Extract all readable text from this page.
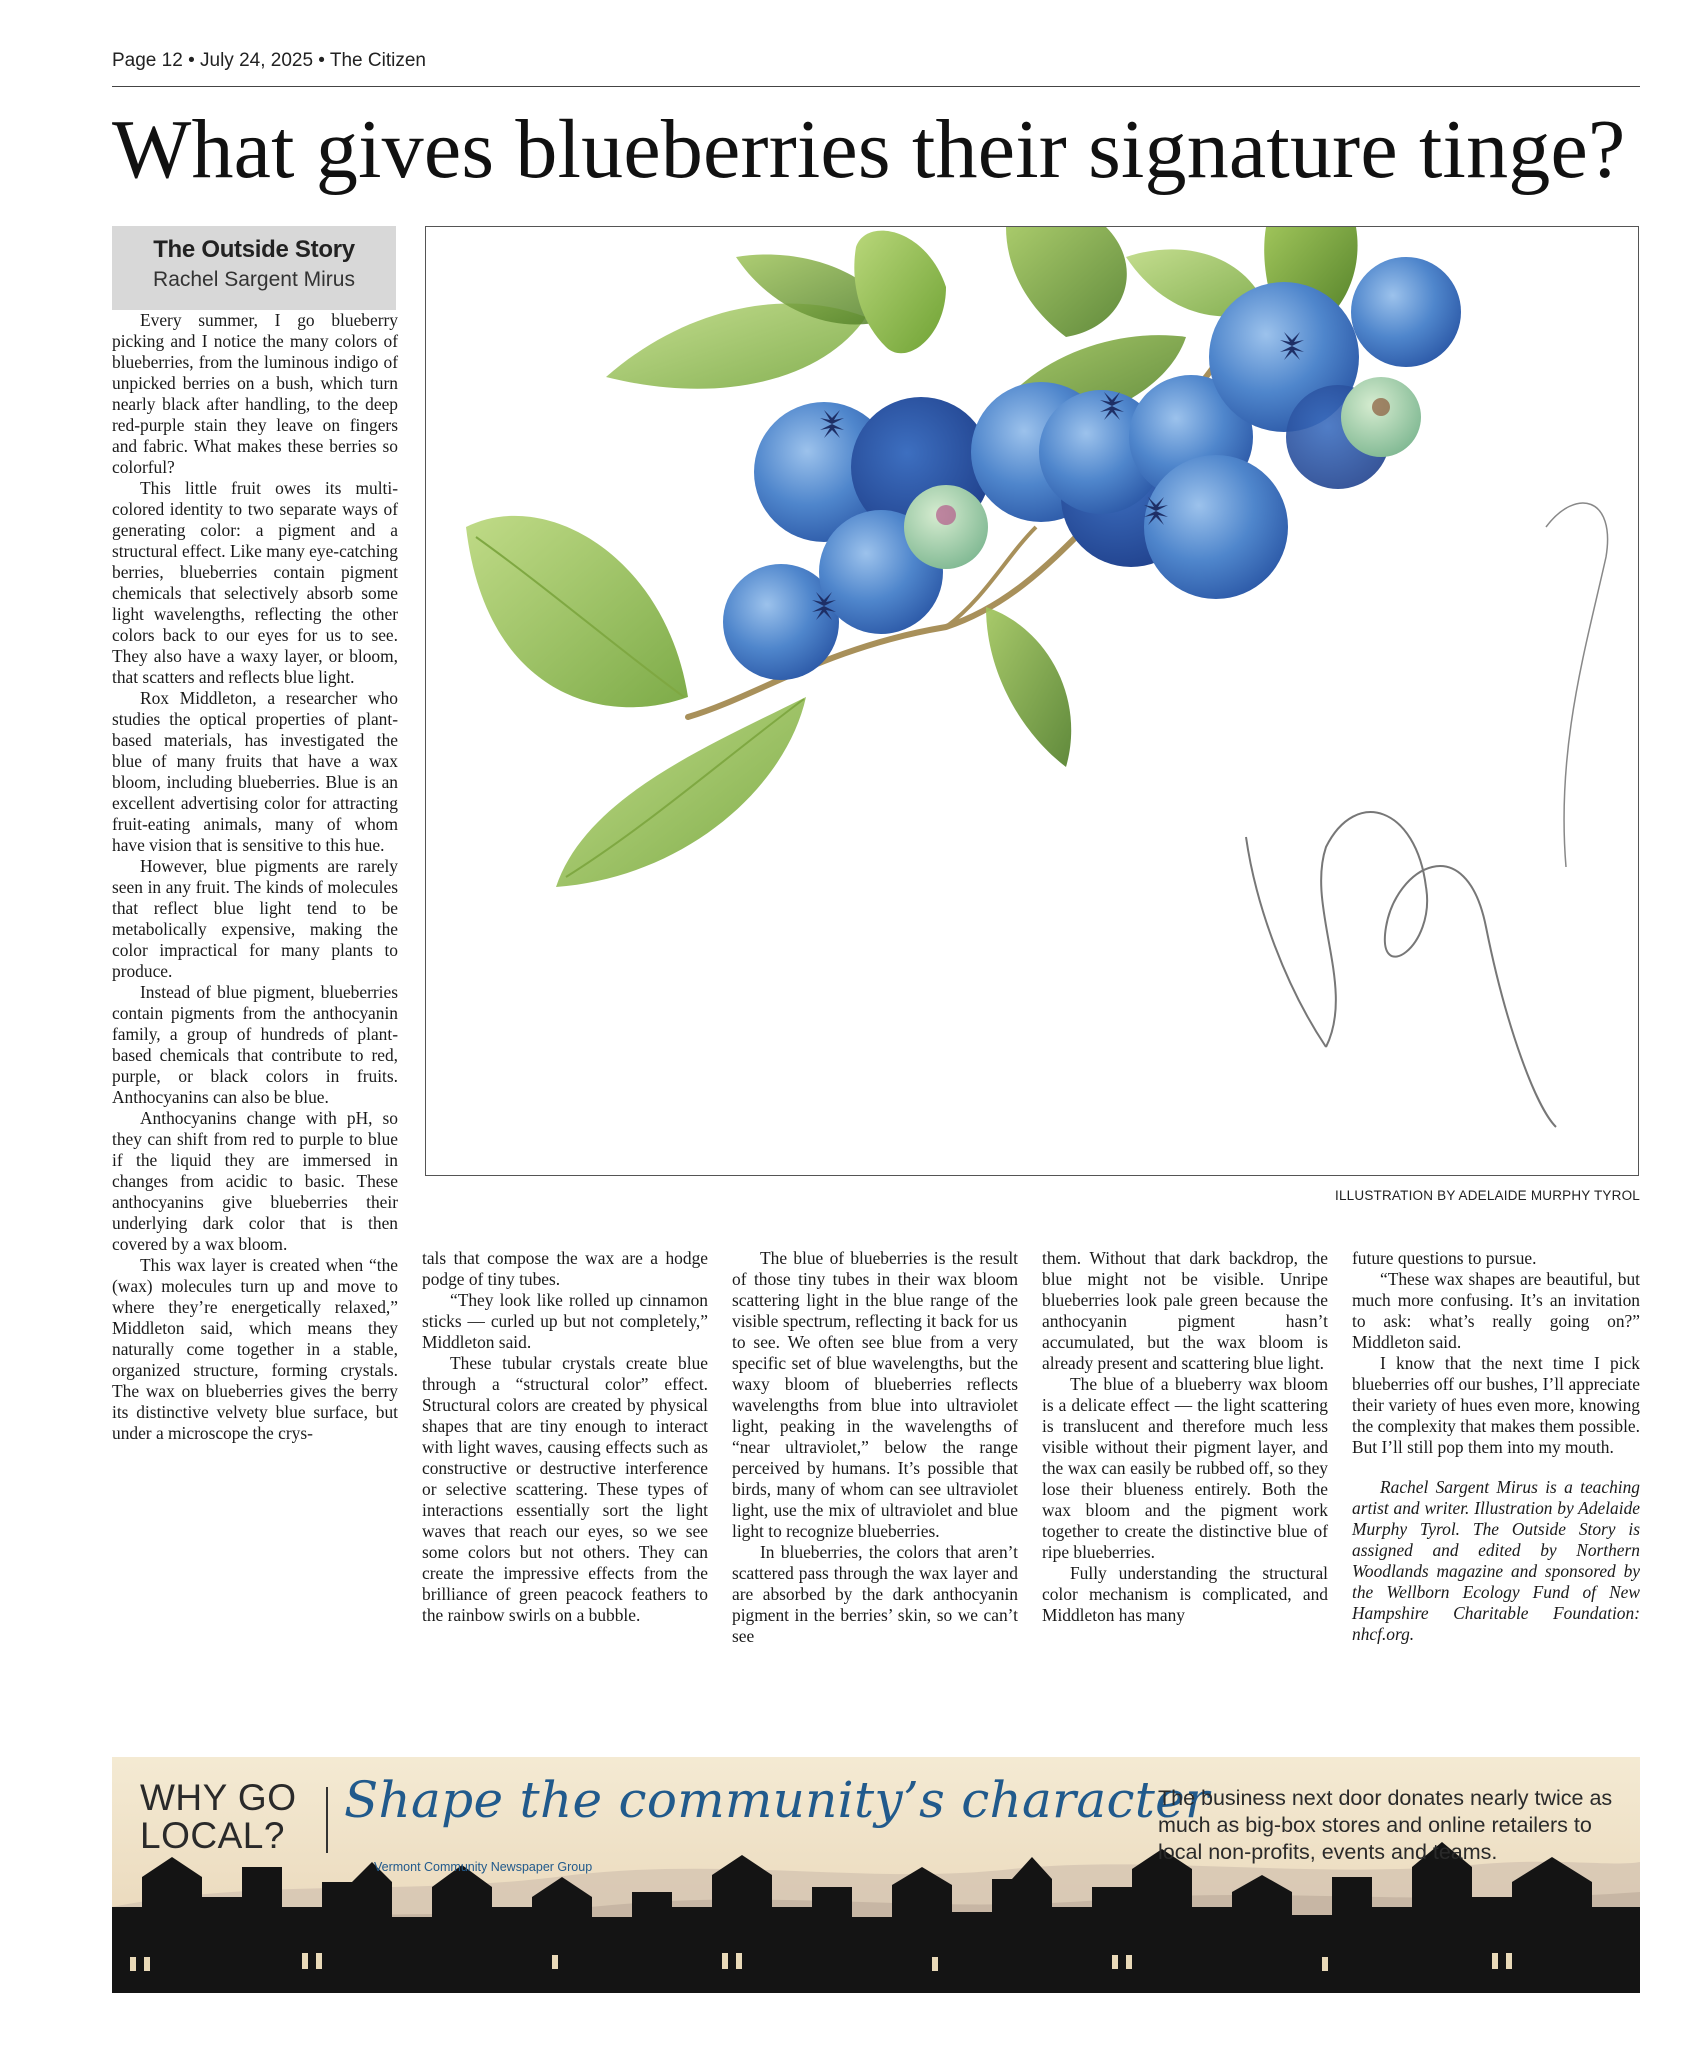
Page 12 • July 24, 2025 • The Citizen
What gives blueberries their signature tinge?
The Outside Story
Rachel Sargent Mirus
ILLUSTRATION BY ADELAIDE MURPHY TYROL

Every summer, I go blueberry picking and I notice the many colors of blueberries, from the luminous indigo of unpicked berries on a bush, which turn nearly black after handling, to the deep red-purple stain they leave on fingers and fabric. What makes these berries so colorful?

This little fruit owes its multi-colored identity to two separate ways of generating color: a pigment and a structural effect. Like many eye-catching berries, blueberries contain pigment chemicals that selectively absorb some light wavelengths, reflecting the other colors back to our eyes for us to see. They also have a waxy layer, or bloom, that scatters and reflects blue light.

Rox Middleton, a researcher who studies the optical properties of plant-based materials, has investigated the blue of many fruits that have a wax bloom, including blueberries. Blue is an excellent advertising color for attracting fruit-eating animals, many of whom have vision that is sensitive to this hue.

However, blue pigments are rarely seen in any fruit. The kinds of molecules that reflect blue light tend to be metabolically expensive, making the color impractical for many plants to produce.

Instead of blue pigment, blueberries contain pigments from the anthocyanin family, a group of hundreds of plant-based chemicals that contribute to red, purple, or black colors in fruits. Anthocyanins can also be blue.

Anthocyanins change with pH, so they can shift from red to purple to blue if the liquid they are immersed in changes from acidic to basic. These anthocyanins give blueberries their underlying dark color that is then covered by a wax bloom.

This wax layer is created when “the (wax) molecules turn up and move to where they’re energetically relaxed,” Middleton said, which means they naturally come together in a stable, organized structure, forming crystals. The wax on blueberries gives the berry its distinctive velvety blue surface, but under a microscope the crys-

tals that compose the wax are a hodge podge of tiny tubes.

“They look like rolled up cinnamon sticks — curled up but not completely,” Middleton said.

These tubular crystals create blue through a “structural color” effect. Structural colors are created by physical shapes that are tiny enough to interact with light waves, causing effects such as constructive or destructive interference or selective scattering. These types of interactions essentially sort the light waves that reach our eyes, so we see some colors but not others. They can create the impressive effects from the brilliance of green peacock feathers to the rainbow swirls on a bubble.

The blue of blueberries is the result of those tiny tubes in their wax bloom scattering light in the blue range of the visible spectrum, reflecting it back for us to see. We often see blue from a very specific set of blue wavelengths, but the waxy bloom of blueberries reflects wavelengths from blue into ultraviolet light, peaking in the wavelengths of “near ultraviolet,” below the range perceived by humans. It’s possible that birds, many of whom can see ultraviolet light, use the mix of ultraviolet and blue light to recognize blueberries.

In blueberries, the colors that aren’t scattered pass through the wax layer and are absorbed by the dark anthocyanin pigment in the berries’ skin, so we can’t see

them. Without that dark backdrop, the blue might not be visible. Unripe blueberries look pale green because the anthocyanin pigment hasn’t accumulated, but the wax bloom is already present and scattering blue light.

The blue of a blueberry wax bloom is a delicate effect — the light scattering is translucent and therefore much less visible without their pigment layer, and the wax can easily be rubbed off, so they lose their blueness entirely. Both the wax bloom and the pigment work together to create the distinctive blue of ripe blueberries.

Fully understanding the structural color mechanism is complicated, and Middleton has many

future questions to pursue.

“These wax shapes are beautiful, but much more confusing. It’s an invitation to ask: what’s really going on?” Middleton said.

I know that the next time I pick blueberries off our bushes, I’ll appreciate their variety of hues even more, knowing the complexity that makes them possible. But I’ll still pop them into my mouth.

Rachel Sargent Mirus is a teaching artist and writer. Illustration by Adelaide Murphy Tyrol. The Outside Story is assigned and edited by Northern Woodlands magazine and sponsored by the Wellborn Ecology Fund of New Hampshire Charitable Foundation: nhcf.org.

WHY GO
LOCAL?
Shape the community’s character
Vermont Community Newspaper Group
The business next door donates nearly twice as much as big-box stores and online retailers to local non-profits, events and teams.
